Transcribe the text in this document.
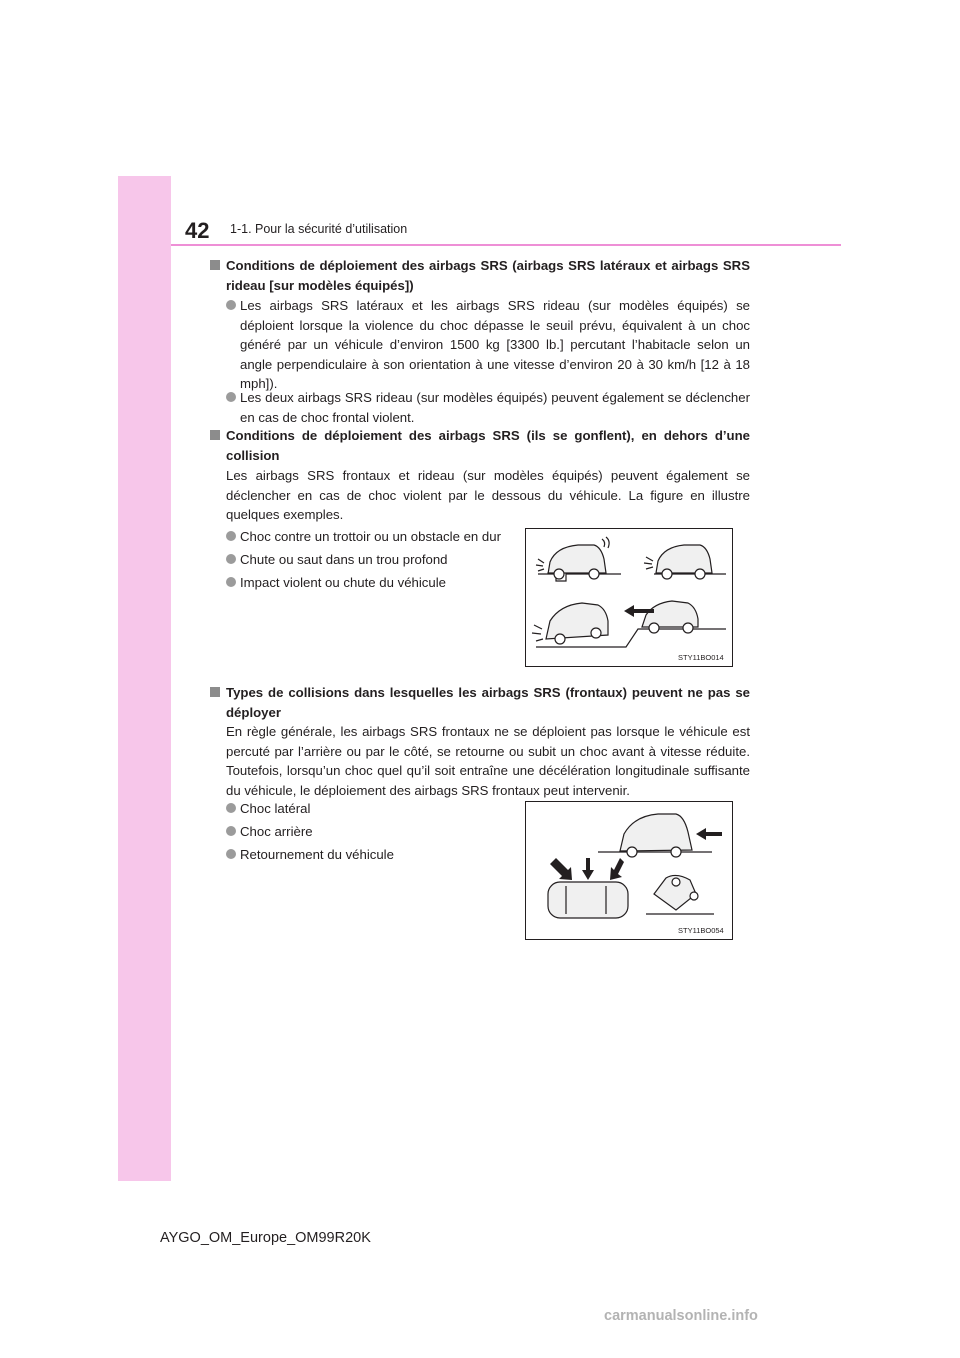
42 1-1. Pour la sécurité d’utilisation
Conditions de déploiement des airbags SRS (airbags SRS latéraux et airbags SRS rideau [sur modèles équipés])
Les airbags SRS latéraux et les airbags SRS rideau (sur modèles équipés) se déploient lorsque la violence du choc dépasse le seuil prévu, équivalent à un choc généré par un véhicule d’environ 1500 kg [3300 lb.] percutant l’habitacle selon un angle perpendiculaire à son orientation à une vitesse d’environ 20 à 30 km/h [12 à 18 mph]).
Les deux airbags SRS rideau (sur modèles équipés) peuvent également se déclencher en cas de choc frontal violent.
Conditions de déploiement des airbags SRS (ils se gonflent), en dehors d’une collision
Les airbags SRS frontaux et rideau (sur modèles équipés) peuvent également se déclencher en cas de choc violent par le dessous du véhicule. La figure en illustre quelques exemples.
Choc contre un trottoir ou un obstacle en dur
Chute ou saut dans un trou profond
Impact violent ou chute du véhicule
STY11BO014
Types de collisions dans lesquelles les airbags SRS (frontaux) peuvent ne pas se déployer
En règle générale, les airbags SRS frontaux ne se déploient pas lorsque le véhicule est percuté par l’arrière ou par le côté, se retourne ou subit un choc avant à vitesse réduite. Toutefois, lorsqu’un choc quel qu’il soit entraîne une décélération longitudinale suffisante du véhicule, le déploiement des airbags SRS frontaux peut intervenir.
Choc latéral
Choc arrière
Retournement du véhicule
STY11BO054
AYGO_OM_Europe_OM99R20K
carmanualsonline.info
